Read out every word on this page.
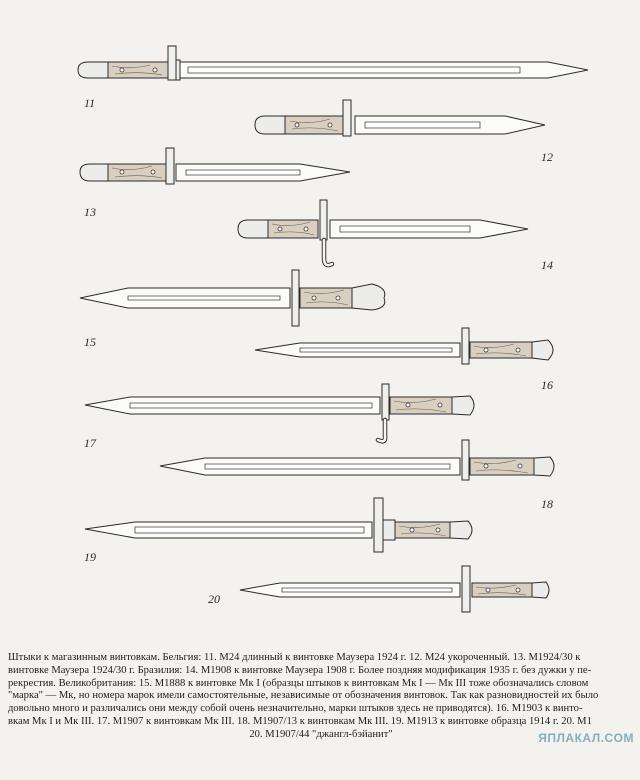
11
12
13
14
15
16
17
18
19
20
Штыки к магазинным винтовкам. Бельгия: 11. М24 длинный к винтовке Маузера 1924 г. 12. М24 укороченный. 13. М1924/30 к
винтовке Маузера 1924/30 г. Бразилия: 14. М1908 к винтовке Маузера 1908 г. Более поздняя модификация 1935 г. без дужки у пе-
рекрестия. Великобритания: 15. М1888 к винтовке Мк I (образцы штыков к винтовкам Мк I — Мк III тоже обозначались словом
"марка" — Мк, но номера марок имели самостоятельные, независимые от обозначения винтовок. Так как разновидностей их было
довольно много и различались они между собой очень незначительно, марки штыков здесь не приводятся). 16. М1903 к винто-
вкам Мк I и Мк III. 17. М1907 к винтовкам Мк III. 18. М1907/13 к винтовкам Мк III. 19. М1913 к винтовке образца 1914 г. 20. М1
20. М1907/44 "джангл-бэйанит"	ЯПЛАКАЛ.COM
